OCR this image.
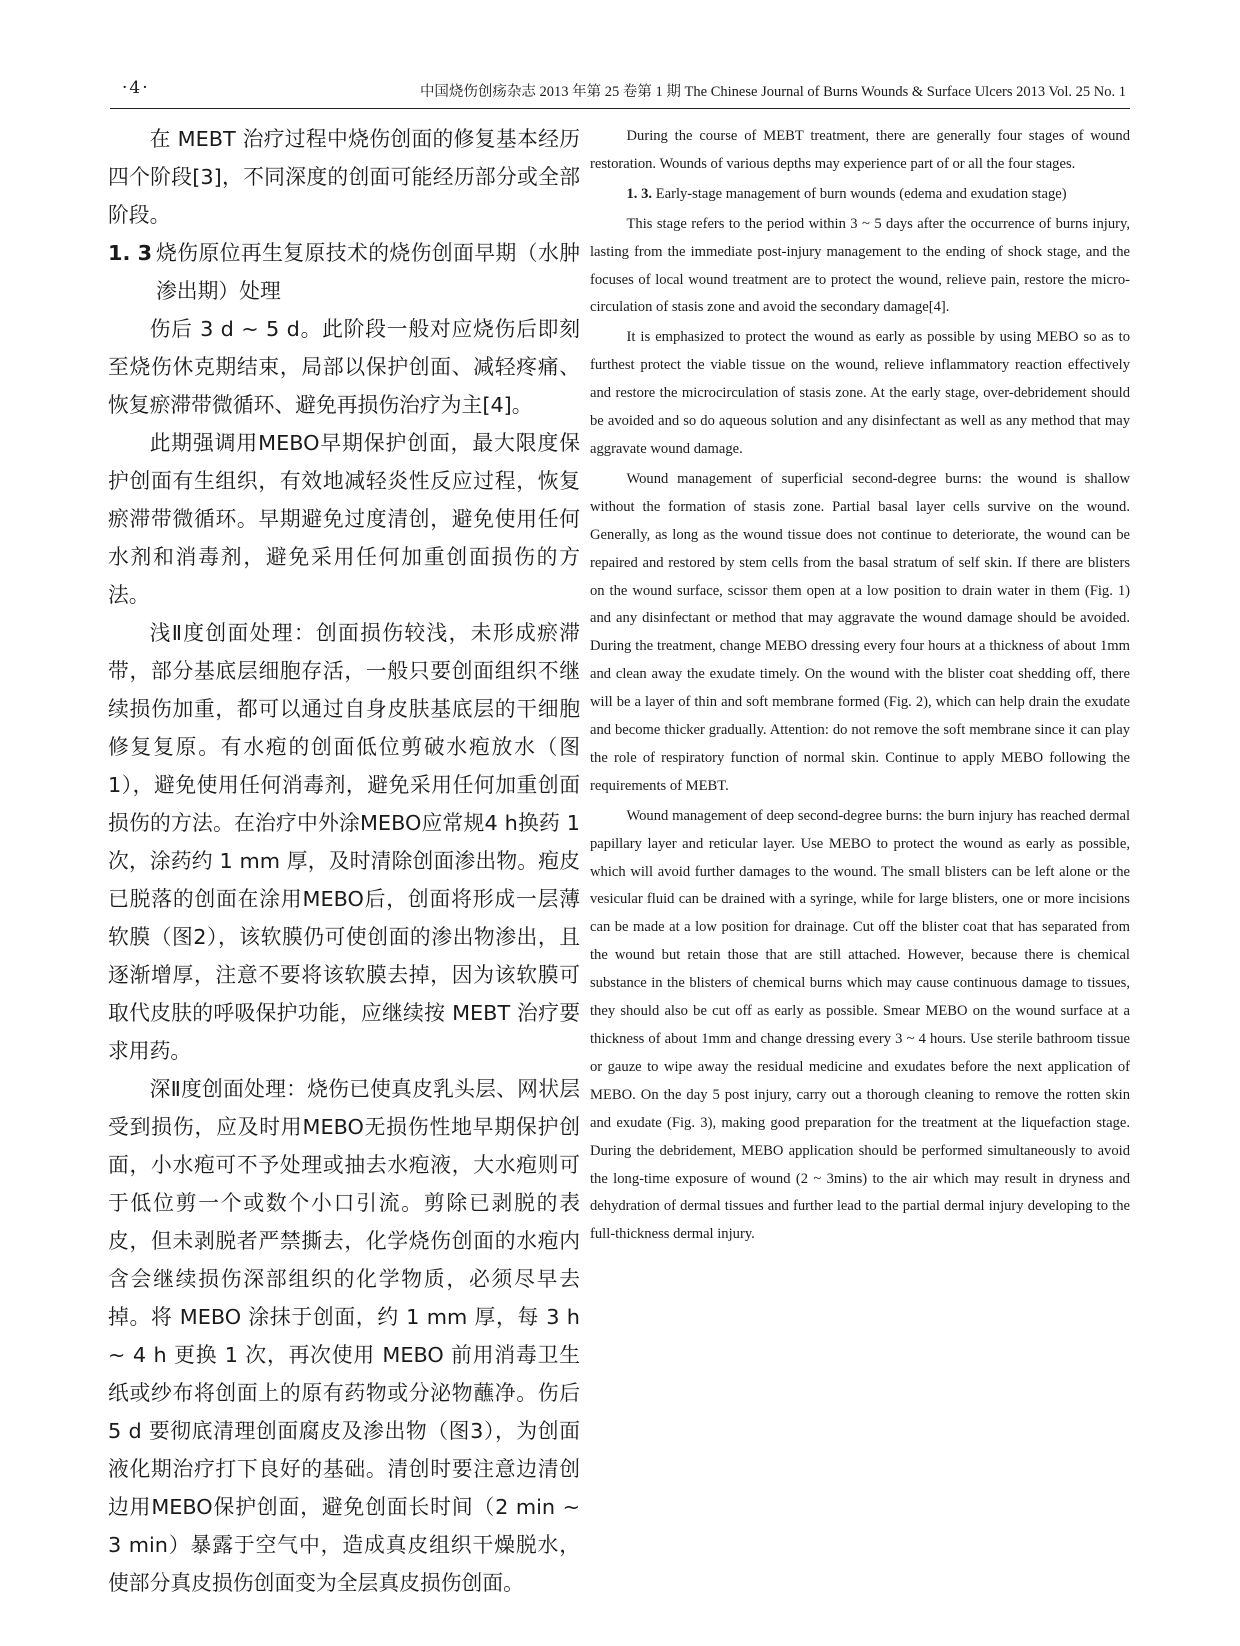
·4·	中国烧伤创疡杂志 2013 年第 25 卷第 1 期 The Chinese Journal of Burns Wounds & Surface Ulcers 2013 Vol. 25 No. 1

在 MEBT 治疗过程中烧伤创面的修复基本经历四个阶段[3]，不同深度的创面可能经历部分或全部阶段。

1. 3 烧伤原位再生复原技术的烧伤创面早期（水肿渗出期）处理

伤后 3 d ~ 5 d。此阶段一般对应烧伤后即刻至烧伤休克期结束，局部以保护创面、减轻疼痛、恢复瘀滞带微循环、避免再损伤治疗为主[4]。

此期强调用MEBO早期保护创面，最大限度保护创面有生组织，有效地减轻炎性反应过程，恢复瘀滞带微循环。早期避免过度清创，避免使用任何水剂和消毒剂，避免采用任何加重创面损伤的方法。

浅Ⅱ度创面处理：创面损伤较浅，未形成瘀滞带，部分基底层细胞存活，一般只要创面组织不继续损伤加重，都可以通过自身皮肤基底层的干细胞修复复原。有水疱的创面低位剪破水疱放水（图1），避免使用任何消毒剂，避免采用任何加重创面损伤的方法。在治疗中外涂MEBO应常规4 h换药 1 次，涂药约 1 mm 厚，及时清除创面渗出物。疱皮已脱落的创面在涂用MEBO后，创面将形成一层薄软膜（图2），该软膜仍可使创面的渗出物渗出，且逐渐增厚，注意不要将该软膜去掉，因为该软膜可取代皮肤的呼吸保护功能，应继续按 MEBT 治疗要求用药。

深Ⅱ度创面处理：烧伤已使真皮乳头层、网状层受到损伤，应及时用MEBO无损伤性地早期保护创面，小水疱可不予处理或抽去水疱液，大水疱则可于低位剪一个或数个小口引流。剪除已剥脱的表皮，但未剥脱者严禁撕去，化学烧伤创面的水疱内含会继续损伤深部组织的化学物质，必须尽早去掉。将 MEBO 涂抹于创面，约 1 mm 厚，每 3 h ~ 4 h 更换 1 次，再次使用 MEBO 前用消毒卫生纸或纱布将创面上的原有药物或分泌物蘸净。伤后 5 d 要彻底清理创面腐皮及渗出物（图3），为创面液化期治疗打下良好的基础。清创时要注意边清创边用MEBO保护创面，避免创面长时间（2 min ~ 3 min）暴露于空气中，造成真皮组织干燥脱水，使部分真皮损伤创面变为全层真皮损伤创面。

During the course of MEBT treatment, there are generally four stages of wound restoration. Wounds of various depths may experience part of or all the four stages.

1. 3. Early-stage management of burn wounds (edema and exudation stage)

This stage refers to the period within 3 ~ 5 days after the occurrence of burns injury, lasting from the immediate post-injury management to the ending of shock stage, and the focuses of local wound treatment are to protect the wound, relieve pain, restore the micro-circulation of stasis zone and avoid the secondary damage[4].

It is emphasized to protect the wound as early as possible by using MEBO so as to furthest protect the viable tissue on the wound, relieve inflammatory reaction effectively and restore the microcirculation of stasis zone. At the early stage, over-debridement should be avoided and so do aqueous solution and any disinfectant as well as any method that may aggravate wound damage.

Wound management of superficial second-degree burns: the wound is shallow without the formation of stasis zone. Partial basal layer cells survive on the wound. Generally, as long as the wound tissue does not continue to deteriorate, the wound can be repaired and restored by stem cells from the basal stratum of self skin. If there are blisters on the wound surface, scissor them open at a low position to drain water in them (Fig. 1) and any disinfectant or method that may aggravate the wound damage should be avoided. During the treatment, change MEBO dressing every four hours at a thickness of about 1mm and clean away the exudate timely. On the wound with the blister coat shedding off, there will be a layer of thin and soft membrane formed (Fig. 2), which can help drain the exudate and become thicker gradually. Attention: do not remove the soft membrane since it can play the role of respiratory function of normal skin. Continue to apply MEBO following the requirements of MEBT.

Wound management of deep second-degree burns: the burn injury has reached dermal papillary layer and reticular layer. Use MEBO to protect the wound as early as possible, which will avoid further damages to the wound. The small blisters can be left alone or the vesicular fluid can be drained with a syringe, while for large blisters, one or more incisions can be made at a low position for drainage. Cut off the blister coat that has separated from the wound but retain those that are still attached. However, because there is chemical substance in the blisters of chemical burns which may cause continuous damage to tissues, they should also be cut off as early as possible. Smear MEBO on the wound surface at a thickness of about 1mm and change dressing every 3 ~ 4 hours. Use sterile bathroom tissue or gauze to wipe away the residual medicine and exudates before the next application of MEBO. On the day 5 post injury, carry out a thorough cleaning to remove the rotten skin and exudate (Fig. 3), making good preparation for the treatment at the liquefaction stage. During the debridement, MEBO application should be performed simultaneously to avoid the long-time exposure of wound (2 ~ 3mins) to the air which may result in dryness and dehydration of dermal tissues and further lead to the partial dermal injury developing to the full-thickness dermal injury.
